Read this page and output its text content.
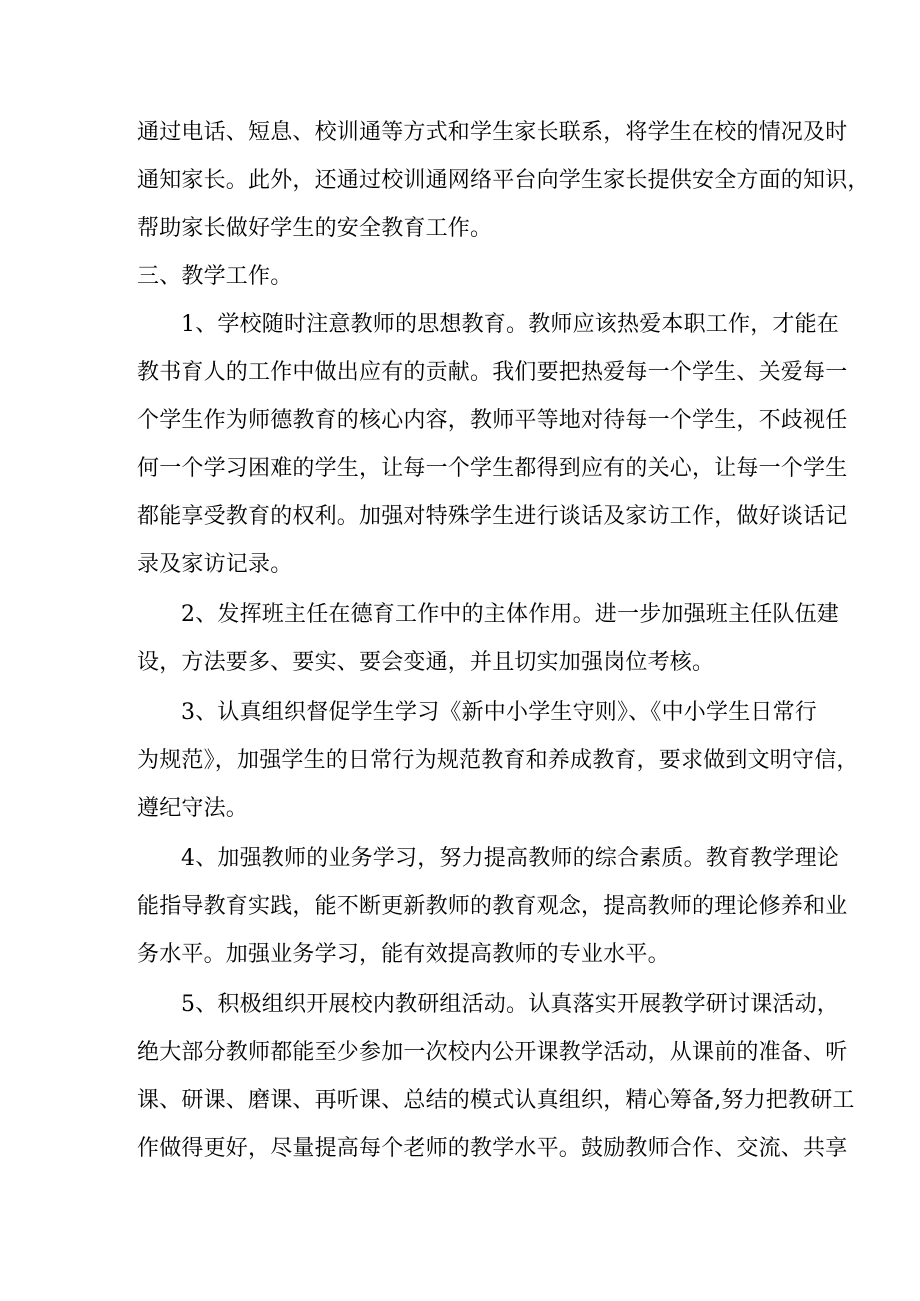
通过电话、短息、校训通等方式和学生家长联系，将学生在校的情况及时
通知家长。此外，还通过校训通网络平台向学生家长提供安全方面的知识，
帮助家长做好学生的安全教育工作。
三、教学工作。
1、学校随时注意教师的思想教育。教师应该热爱本职工作，才能在
教书育人的工作中做出应有的贡献。我们要把热爱每一个学生、关爱每一
个学生作为师德教育的核心内容，教师平等地对待每一个学生，不歧视任
何一个学习困难的学生，让每一个学生都得到应有的关心，让每一个学生
都能享受教育的权利。加强对特殊学生进行谈话及家访工作，做好谈话记
录及家访记录。
2、发挥班主任在德育工作中的主体作用。进一步加强班主任队伍建
设，方法要多、要实、要会变通，并且切实加强岗位考核。
3、认真组织督促学生学习《新中小学生守则》、《中小学生日常行
为规范》，加强学生的日常行为规范教育和养成教育，要求做到文明守信，
遵纪守法。
4、加强教师的业务学习，努力提高教师的综合素质。教育教学理论
能指导教育实践，能不断更新教师的教育观念，提高教师的理论修养和业
务水平。加强业务学习，能有效提高教师的专业水平。
5、积极组织开展校内教研组活动。认真落实开展教学研讨课活动，
绝大部分教师都能至少参加一次校内公开课教学活动，从课前的准备、听
课、研课、磨课、再听课、总结的模式认真组织，精心筹备,努力把教研工
作做得更好，尽量提高每个老师的教学水平。鼓励教师合作、交流、共享
